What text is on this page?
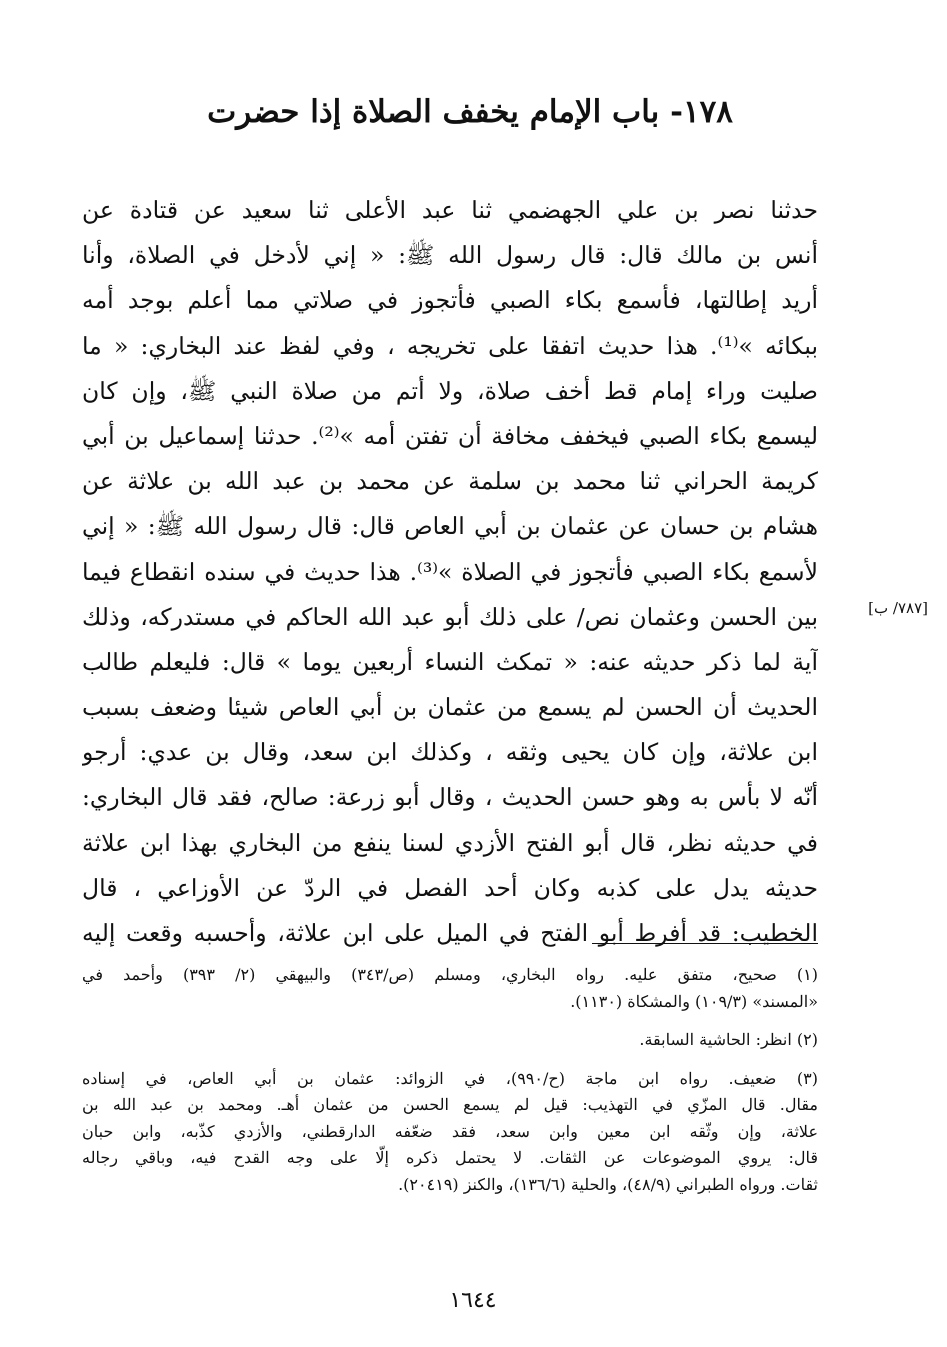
١٧٨- باب الإمام يخفف الصلاة إذا حضرت
حدثنا نصر بن علي الجهضمي ثنا عبد الأعلى ثنا سعيد عن قتادة عن
أنس بن مالك قال: قال رسول الله ﷺ: « إني لأدخل في الصلاة، وأنا
أريد إطالتها، فأسمع بكاء الصبي فأتجوز في صلاتي مما أعلم بوجد أمه
ببكائه »⁽¹⁾. هذا حديث اتفقا على تخريجه ، وفي لفظ عند البخاري: « ما
صليت وراء إمام قط أخف صلاة، ولا أتم من صلاة النبي ﷺ، وإن كان
ليسمع بكاء الصبي فيخفف مخافة أن تفتن أمه »⁽²⁾. حدثنا إسماعيل بن أبي
كريمة الحراني ثنا محمد بن سلمة عن محمد بن عبد الله بن علاثة عن
هشام بن حسان عن عثمان بن أبي العاص قال: قال رسول الله ﷺ: « إني
لأسمع بكاء الصبي فأتجوز في الصلاة »⁽³⁾. هذا حديث في سنده انقطاع فيما
بين الحسن وعثمان نص/ على ذلك أبو عبد الله الحاكم في مستدركه، وذلك
آية لما ذكر حديثه عنه: « تمكث النساء أربعين يوما » قال: فليعلم طالب
الحديث أن الحسن لم يسمع من عثمان بن أبي العاص شيئا وضعف بسبب
ابن علاثة، وإن كان يحيى وثقه ، وكذلك ابن سعد، وقال بن عدي: أرجو
أنّه لا بأس به وهو حسن الحديث ، وقال أبو زرعة: صالح، فقد قال البخاري:
في حديثه نظر، قال أبو الفتح الأزدي لسنا ينفع من البخاري بهذا ابن علاثة
حديثه يدل على كذبه وكان أحد الفصل في الردّ عن الأوزاعي ، قال
الخطيب: قد أفرط أبو الفتح في الميل على ابن علاثة، وأحسبه وقعت إليه
[٧٨٧/ ب]
(١) صحيح، متفق عليه. رواه البخاري، ومسلم (ص/٣٤٣) والبيهقي (٢/ ٣٩٣) وأحمد في
«المسند» (١٠٩/٣) والمشكاة (١١٣٠).
(٢) انظر: الحاشية السابقة.
(٣) ضعيف. رواه ابن ماجة (ح/٩٩٠)، في الزوائد: عثمان بن أبي العاص، في إسناده
مقال. قال المزّي في التهذيب: قيل لم يسمع الحسن من عثمان أهـ. ومحمد بن عبد الله بن
علاثة، وإن وثّقه ابن معين وابن سعد، فقد ضعّفه الدارقطني، والأزدي كذّبه، وابن حبان
قال: يروي الموضوعات عن الثقات. لا يحتمل ذكره إلّا على وجه القدح فيه، وباقي رجاله
ثقات. ورواه الطبراني (٤٨/٩)، والحلية (١٣٦/٦)، والكنز (٢٠٤١٩).
١٦٤٤
